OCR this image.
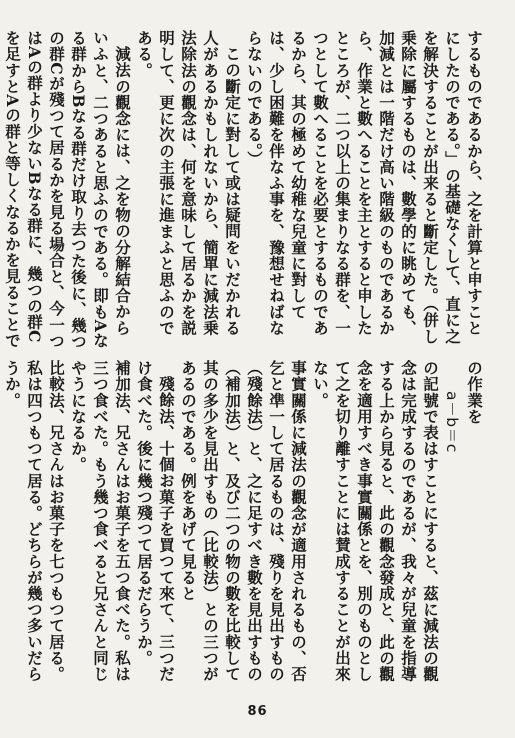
するものであるから、之を計算と申すことにしたのである。」の基礎なくして、直に之を解決することが出来ると斷定した。（併し乗除に屬するものは、數學的に眺めても、加減とは一階だけ高い階級のものであるから、作業と數へることを主とすると申したところが、二つ以上の集まりなる群を、一つとして數へることを必要とするものであるから、其の極めて幼稚な兒童に對しては、少し困難を伴なふ事を、豫想せねばならないのである。）

この斷定に對して或は疑問をいだかれる人があるかもしれないから、簡單に減法乗法除法の觀念は、何を意味して居るかを説明して、更に次の主張に進まふと思ふのである。

減法の觀念には、之を物の分解結合からいふと、二つあると思ふのである。即もAなる群からBなる群だけ取り去つた後に、幾つの群Cが殘つて居るかを見る場合と、今一つはAの群より少ないBなる群に、幾つの群Cを足すとAの群と等しくなるかを見ることで

の作業を

a－b＝c

の記號で表はすことにすると、茲に減法の觀念は完成するのであるが、我々が兒童を指導する上から見ると、此の觀念發成と、此の觀念を適用すべき事實關係とを、別のものとして之を切り離すことには賛成することが出來ない。

事實關係に減法の觀念が適用されるもの、否乞と凖一して居るものは、殘りを見出すもの（殘餘法）と、之に足すべき數を見出すもの（補加法）と、及び二つの物の數を比較して其の多少を見出すもの（比較法）との三つがあるのである。例をあげて見ると

殘餘法、十個お菓子を買つて來て、三つだけ食べた。後に幾つ殘つて居るだらうか。

補加法、兄さんはお菓子を五つ食べた。私は三つ食べた。もう幾つ食べると兄さんと同じやうになるか。

比較法、兄さんはお菓子を七つもつて居る。私は四つもつて居る。どちらが幾つ多いだらうか。

86
